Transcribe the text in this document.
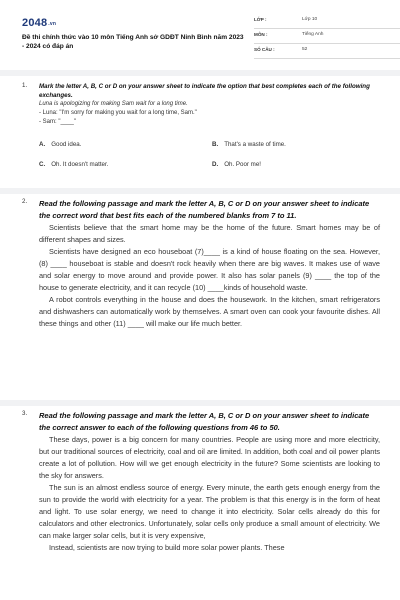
$2048^{.vn}$
Đề thi chính thức vào 10 môn Tiếng Anh sở GDĐT Ninh Bình năm 2023 - 2024 có đáp án
LỚP :	Lớp 10
MÔN :	Tiếng Anh
SỐ CÂU :	52
1. Mark the letter A, B, C or D on your answer sheet to indicate the option that best completes each of the following exchanges.

Luna is apologizing for making Sam wait for a long time.

- Luna: "I'm sorry for making you wait for a long time, Sam."

- Sam: "____"

A. Good idea.	B. That's a waste of time.
C. Oh. It doesn't matter.	D. Oh. Poor me!
2. Read the following passage and mark the letter A, B, C or D on your answer sheet to indicate the correct word that best fits each of the numbered blanks from 7 to 11.

Scientists believe that the smart home may be the home of the future. Smart homes may be of different shapes and sizes.

Scientists have designed an eco houseboat (7)____ is a kind of house floating on the sea. However, (8) ____ houseboat is stable and doesn't rock heavily when there are big waves. It makes use of wave and solar energy to move around and provide power. It also has solar panels (9) ____ the top of the house to generate electricity, and it can recycle (10) ____kinds of household waste.

A robot controls everything in the house and does the housework. In the kitchen, smart refrigerators and dishwashers can automatically work by themselves. A smart oven can cook your favourite dishes. All these things and other (11) ____ will make our life much better.

3. Read the following passage and mark the letter A, B, C or D on your answer sheet to indicate the correct answer to each of the following questions from 46 to 50.

These days, power is a big concern for many countries. People are using more and more electricity, but our traditional sources of electricity, coal and oil are limited. In addition, both coal and oil power plants create a lot of pollution. How will we get enough electricity in the future? Some scientists are looking to the sky for answers.

The sun is an almost endless source of energy. Every minute, the earth gets enough energy from the sun to provide the world with electricity for a year. The problem is that this energy is in the form of heat and light. To use solar energy, we need to change it into electricity. Solar cells already do this for calculators and other electronics. Unfortunately, solar cells only produce a small amount of electricity. We can make larger solar cells, but it is very expensive,

Instead, scientists are now trying to build more solar power plants. These
